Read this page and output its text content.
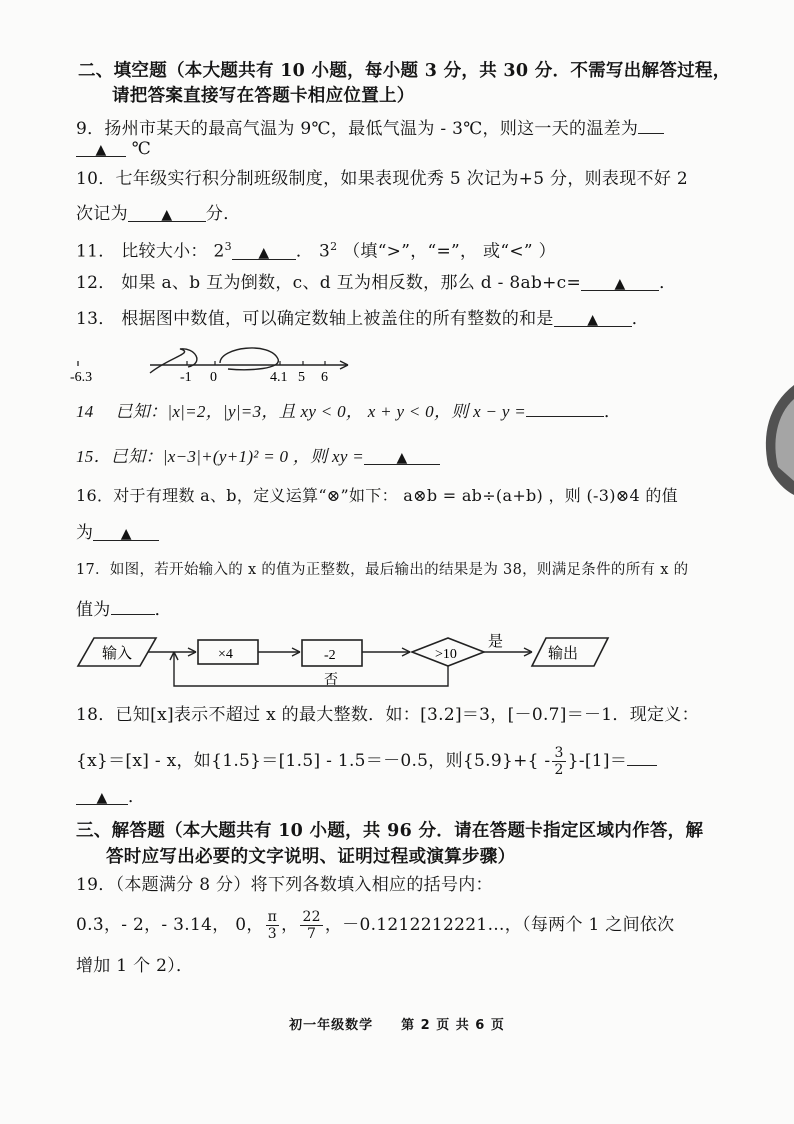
二、填空题（本大题共有 10 小题，每小题 3 分，共 30 分．不需写出解答过程，
请把答案直接写在答题卡相应位置上）
9．扬州市某天的最高气温为 9℃，最低气温为 - 3℃，则这一天的温差为
▲ ℃
10．七年级实行积分制班级制度，如果表现优秀 5 次记为+5 分，则表现不好 2
次记为 ▲ 分．
11． 比较大小： $2^3$ ▲ ． $3^2$ （填“>”，“=”， 或“<” ）
12． 如果 a、b 互为倒数，c、d 互为相反数，那么 d - 8ab+c= ▲ ．
13． 根据图中数值，可以确定数轴上被盖住的所有整数的和是 ▲ ．
-6.3	-1 0	4.1 5 6
14 　已知：|x|=2，|y|=3，且 xy < 0， x + y < 0，则 x − y =	．
15．已知：|x−3|+(y+1)² = 0 ，则 xy = ▲
16．对于有理数 a、b，定义运算“⊗”如下： a⊗b = ab÷(a+b) ，则 (-3)⊗4 的值
为 ▲
17．如图，若开始输入的 x 的值为正整数，最后输出的结果是为 38，则满足条件的所有 x 的
值为	．
输入	×4	-2	>10
是
输出
否
18．已知[x]表示不超过 x 的最大整数．如：[3.2]＝3，[－0.7]＝－1．现定义：
{x}＝[x] - x，如{1.5}＝[1.5] - 1.5＝－0.5，则$\{5.9\}+\{ - \frac{3}{2} \}-[1]=$
▲ ．
三、解答题（本大题共有 10 小题，共 96 分．请在答题卡指定区域内作答，解
答时应写出必要的文字说明、证明过程或演算步骤）
19．（本题满分 8 分）将下列各数填入相应的括号内：
0.3̇，- 2，- 3.14， 0， $\frac{\pi}{3}$ ， $\frac{22}{7}$ ，－0.1212212221…，（每两个 1 之间依次
增加 1 个 2）．
初一年级数学　　 第 2 页 共 6 页
